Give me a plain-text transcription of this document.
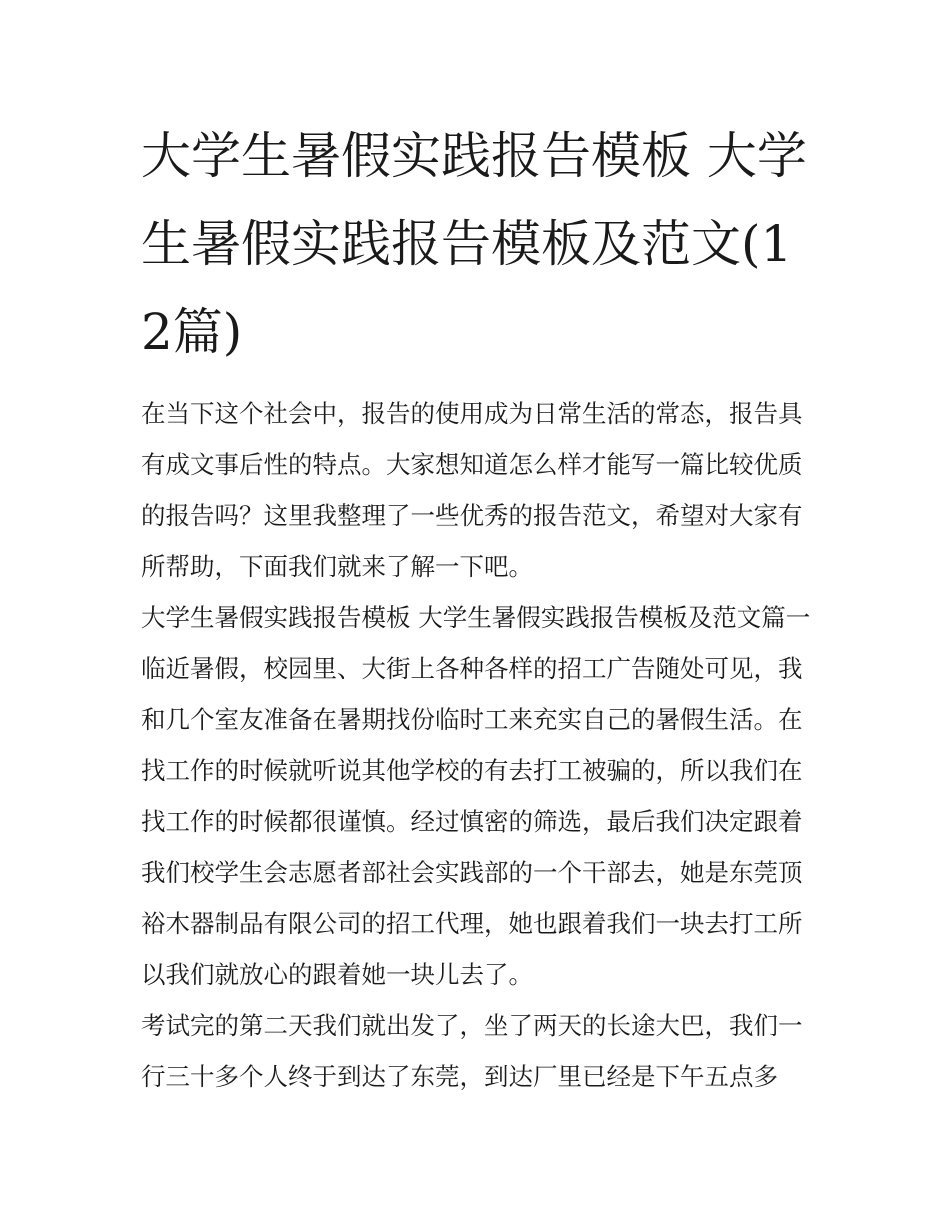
大学生暑假实践报告模板 大学生暑假实践报告模板及范文(12篇)

在当下这个社会中，报告的使用成为日常生活的常态，报告具有成文事后性的特点。大家想知道怎么样才能写一篇比较优质的报告吗？这里我整理了一些优秀的报告范文，希望对大家有所帮助，下面我们就来了解一下吧。

大学生暑假实践报告模板 大学生暑假实践报告模板及范文篇一

临近暑假，校园里、大街上各种各样的招工广告随处可见，我和几个室友准备在暑期找份临时工来充实自己的暑假生活。在找工作的时候就听说其他学校的有去打工被骗的，所以我们在找工作的时候都很谨慎。经过慎密的筛选，最后我们决定跟着我们校学生会志愿者部社会实践部的一个干部去，她是东莞顶裕木器制品有限公司的招工代理，她也跟着我们一块去打工所以我们就放心的跟着她一块儿去了。

考试完的第二天我们就出发了，坐了两天的长途大巴，我们一行三十多个人终于到达了东莞，到达厂里已经是下午五点多
